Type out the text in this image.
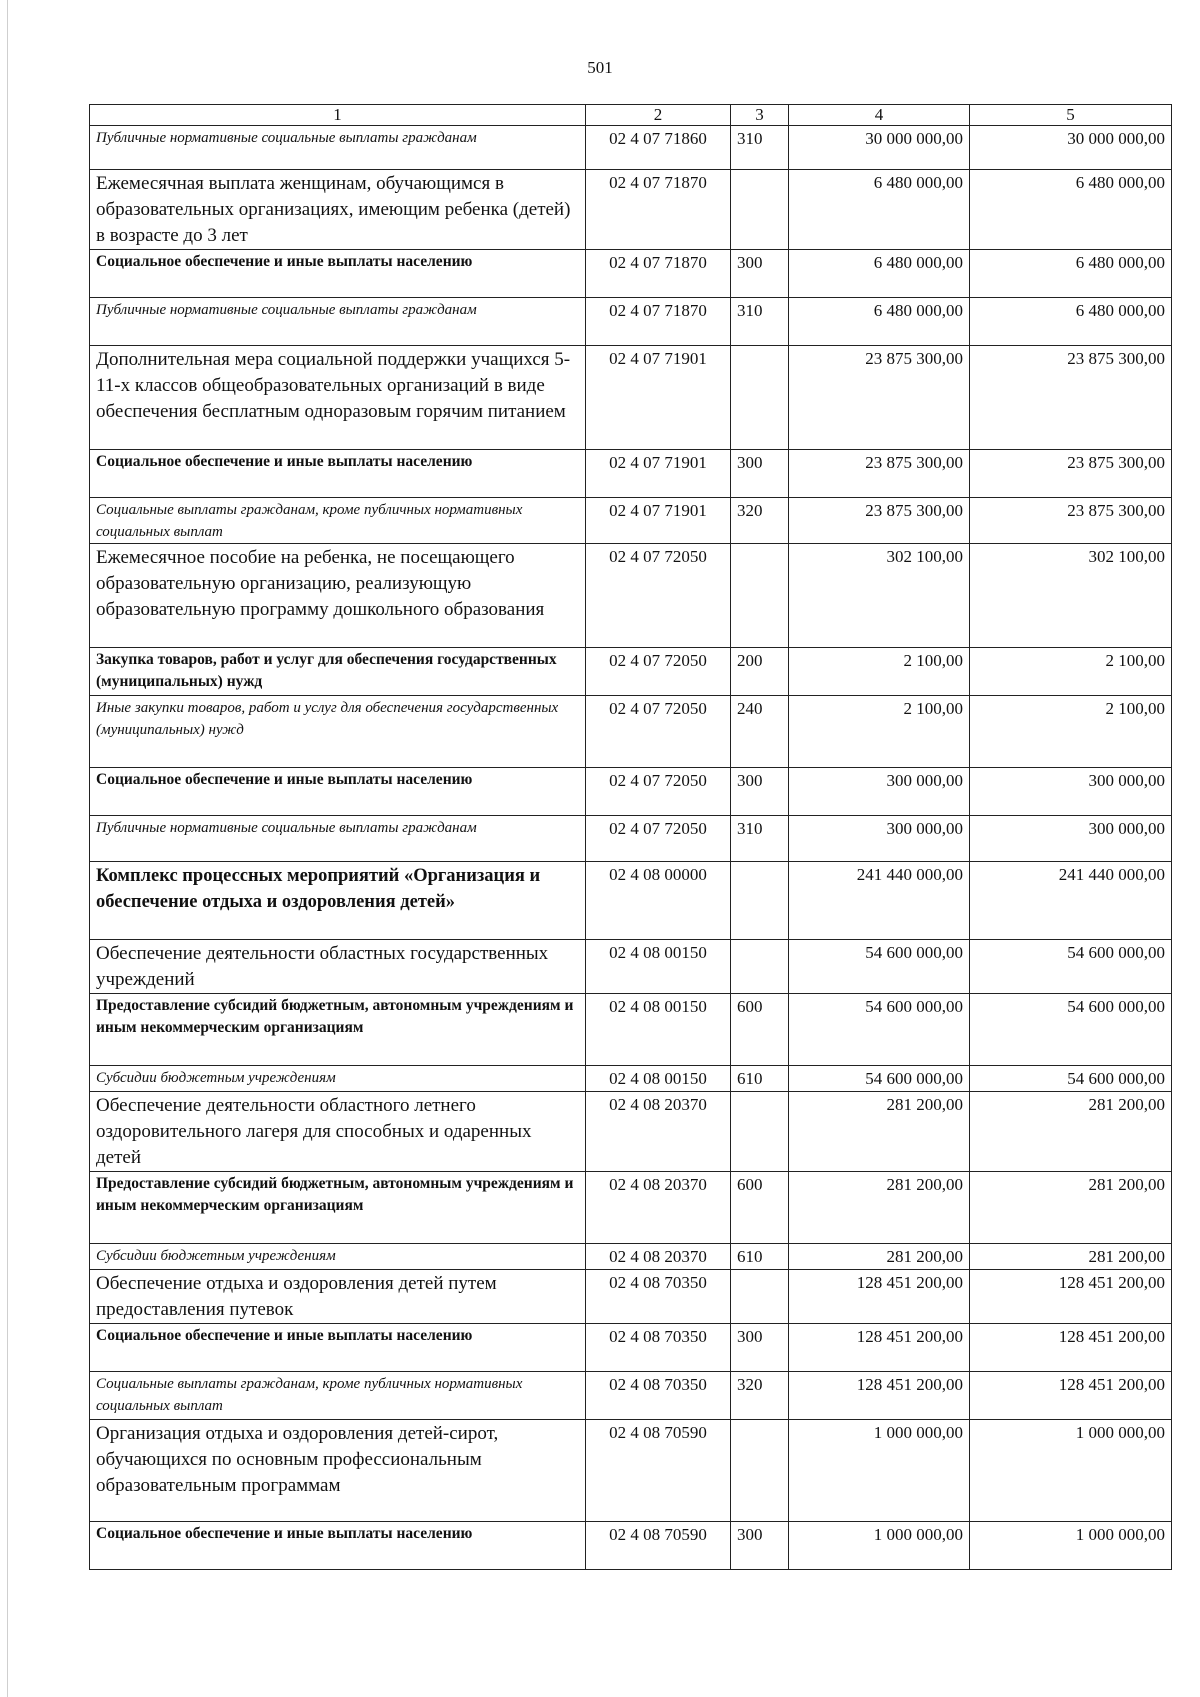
501
1	2	3	4	5
Публичные нормативные социальные выплаты гражданам	02 4 07 71860	310	30 000 000,00	30 000 000,00
Ежемесячная выплата женщинам, обучающимся в образовательных организациях, имеющим ребенка (детей) в возрасте до 3 лет	02 4 07 71870		6 480 000,00	6 480 000,00
Социальное обеспечение и иные выплаты населению	02 4 07 71870	300	6 480 000,00	6 480 000,00
Публичные нормативные социальные выплаты гражданам	02 4 07 71870	310	6 480 000,00	6 480 000,00
Дополнительная мера социальной поддержки учащихся 5-11-х классов общеобразовательных организаций в виде обеспечения бесплатным одноразовым горячим питанием	02 4 07 71901		23 875 300,00	23 875 300,00
Социальное обеспечение и иные выплаты населению	02 4 07 71901	300	23 875 300,00	23 875 300,00
Социальные выплаты гражданам, кроме публичных нормативных социальных выплат	02 4 07 71901	320	23 875 300,00	23 875 300,00
Ежемесячное пособие на ребенка, не посещающего образовательную организацию, реализующую образовательную программу дошкольного образования	02 4 07 72050		302 100,00	302 100,00
Закупка товаров, работ и услуг для обеспечения государственных (муниципальных) нужд	02 4 07 72050	200	2 100,00	2 100,00
Иные закупки товаров, работ и услуг для обеспечения государственных (муниципальных) нужд	02 4 07 72050	240	2 100,00	2 100,00
Социальное обеспечение и иные выплаты населению	02 4 07 72050	300	300 000,00	300 000,00
Публичные нормативные социальные выплаты гражданам	02 4 07 72050	310	300 000,00	300 000,00
Комплекс процессных мероприятий «Организация и обеспечение отдыха и оздоровления детей»	02 4 08 00000		241 440 000,00	241 440 000,00
Обеспечение деятельности областных государственных учреждений	02 4 08 00150		54 600 000,00	54 600 000,00
Предоставление субсидий бюджетным, автономным учреждениям и иным некоммерческим организациям	02 4 08 00150	600	54 600 000,00	54 600 000,00
Субсидии бюджетным учреждениям	02 4 08 00150	610	54 600 000,00	54 600 000,00
Обеспечение деятельности областного летнего оздоровительного лагеря для способных и одаренных детей	02 4 08 20370		281 200,00	281 200,00
Предоставление субсидий бюджетным, автономным учреждениям и иным некоммерческим организациям	02 4 08 20370	600	281 200,00	281 200,00
Субсидии бюджетным учреждениям	02 4 08 20370	610	281 200,00	281 200,00
Обеспечение отдыха и оздоровления детей путем предоставления путевок	02 4 08 70350		128 451 200,00	128 451 200,00
Социальное обеспечение и иные выплаты населению	02 4 08 70350	300	128 451 200,00	128 451 200,00
Социальные выплаты гражданам, кроме публичных нормативных социальных выплат	02 4 08 70350	320	128 451 200,00	128 451 200,00
Организация отдыха и оздоровления детей-сирот, обучающихся по основным профессиональным образовательным программам	02 4 08 70590		1 000 000,00	1 000 000,00
Социальное обеспечение и иные выплаты населению	02 4 08 70590	300	1 000 000,00	1 000 000,00
